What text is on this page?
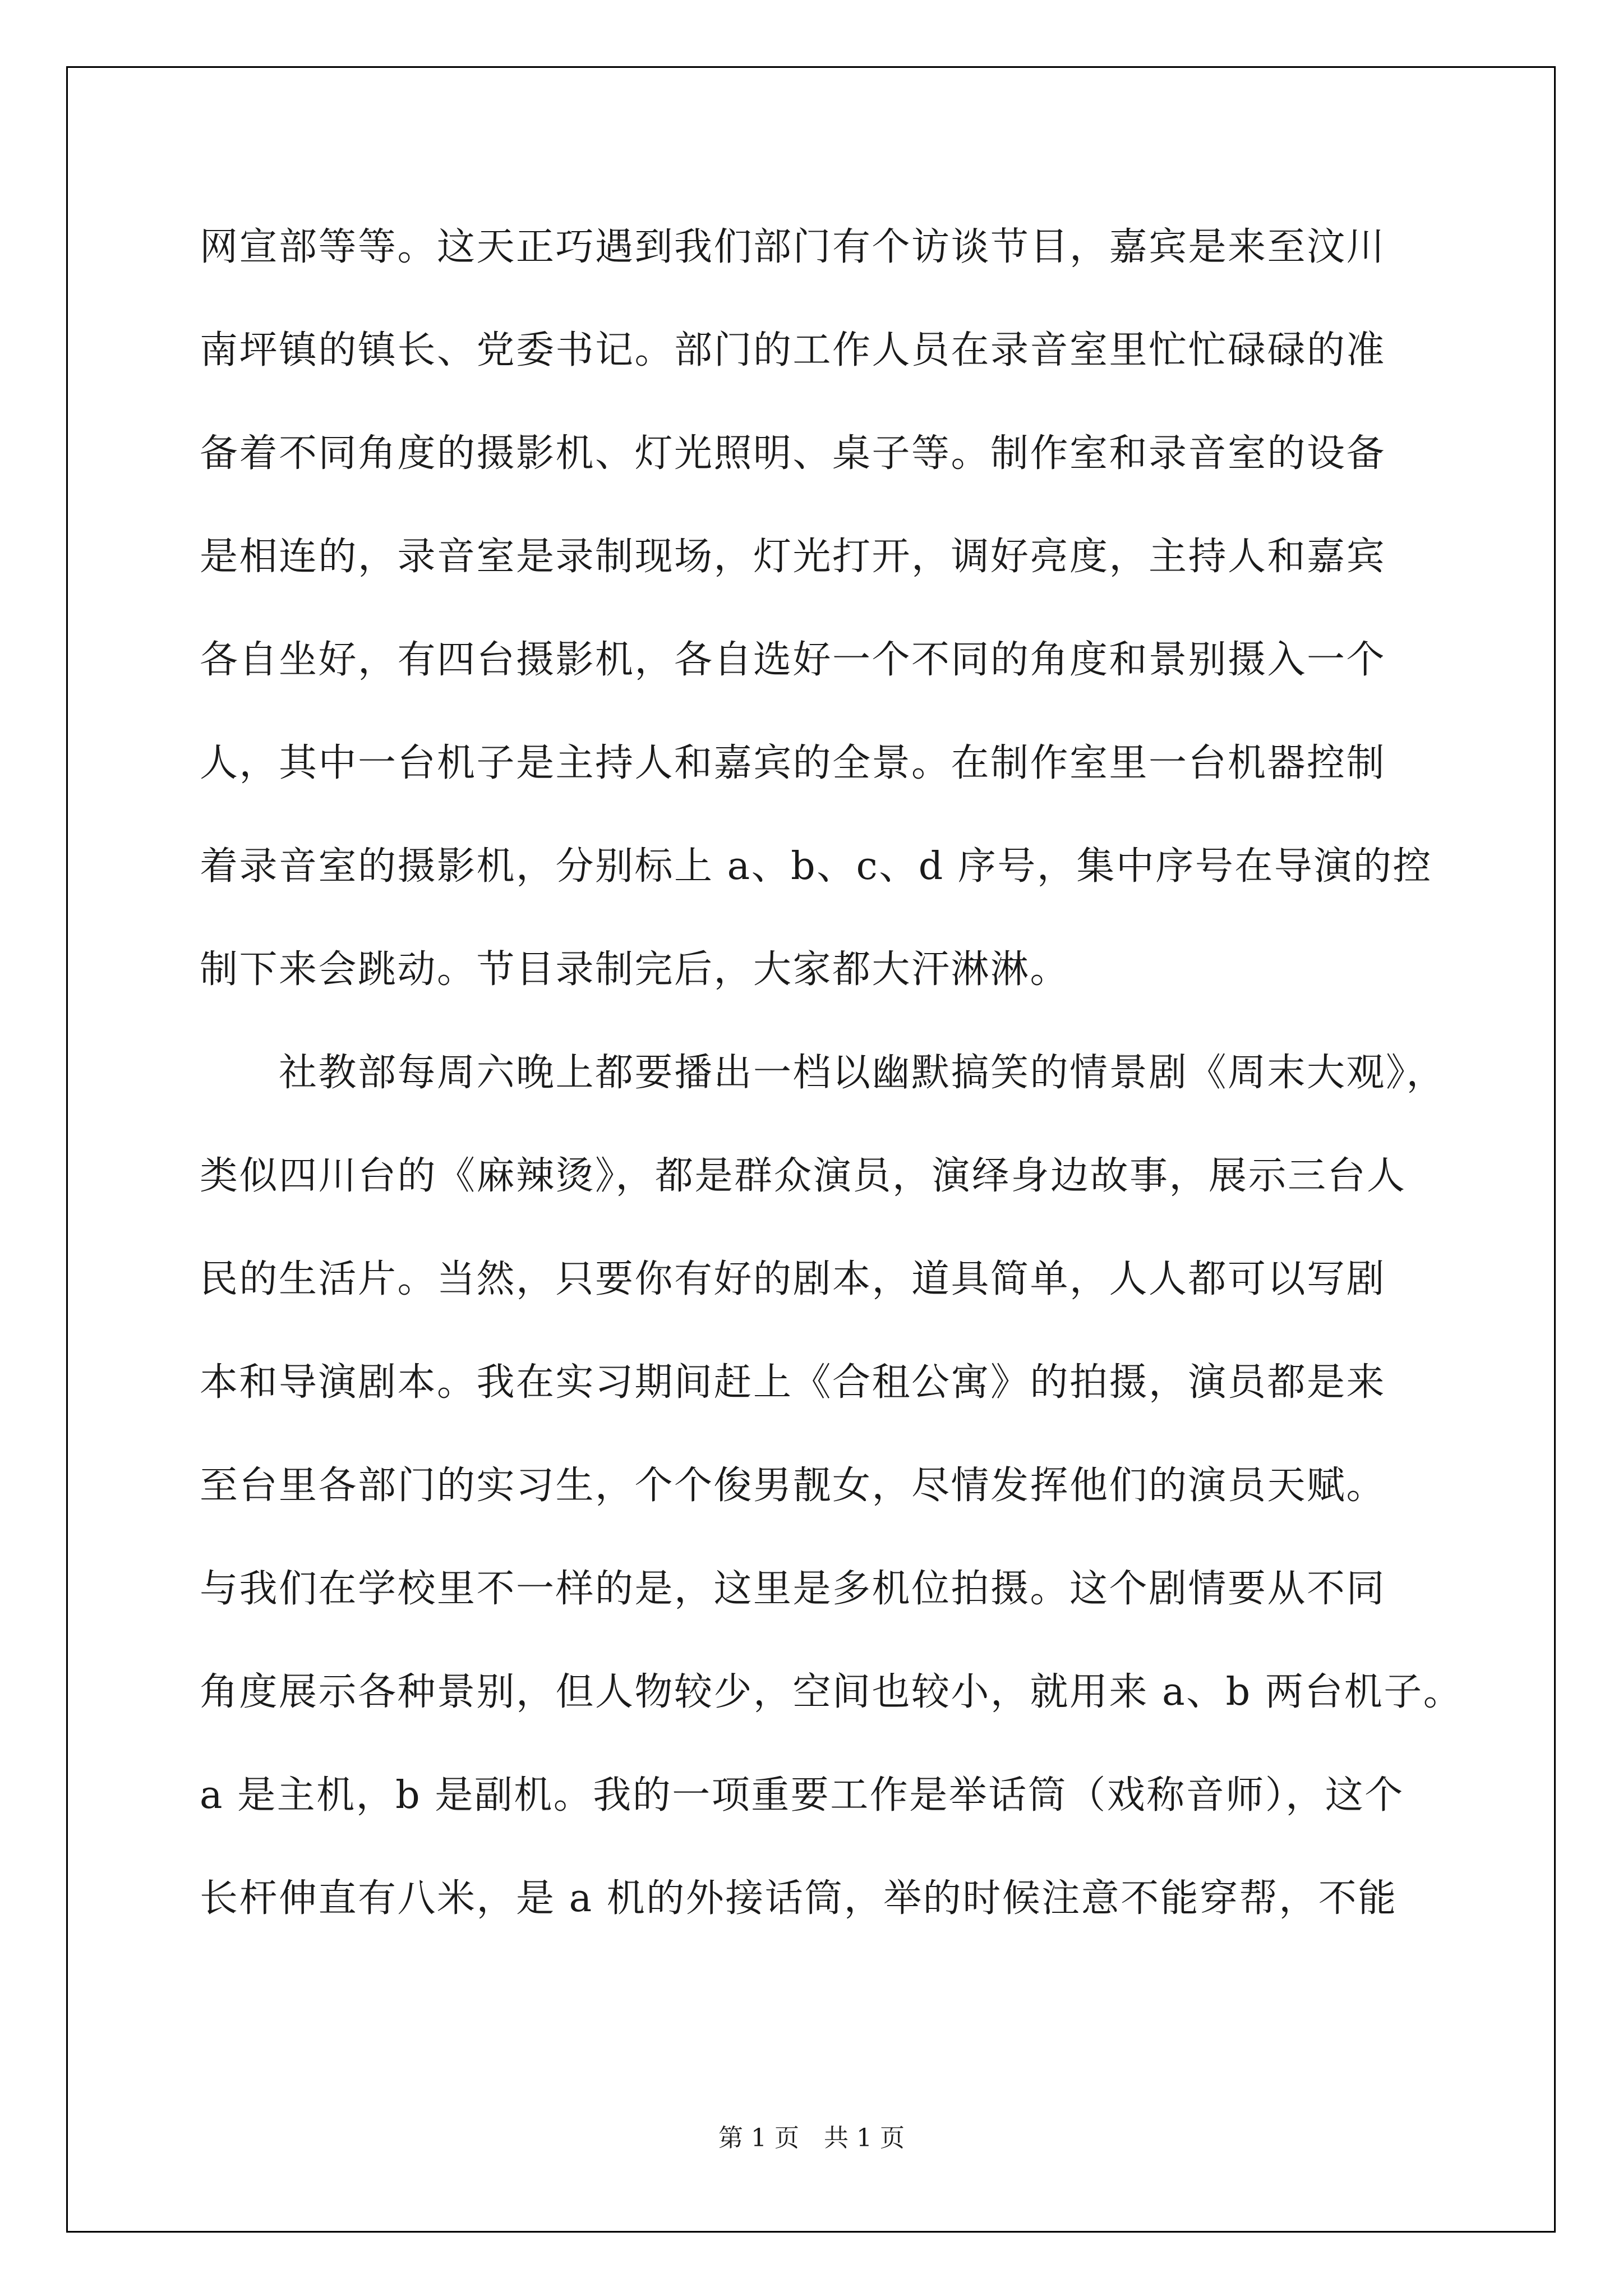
网宣部等等。这天正巧遇到我们部门有个访谈节目，嘉宾是来至汶川
南坪镇的镇长、党委书记。部门的工作人员在录音室里忙忙碌碌的准
备着不同角度的摄影机、灯光照明、桌子等。制作室和录音室的设备
是相连的，录音室是录制现场，灯光打开，调好亮度，主持人和嘉宾
各自坐好，有四台摄影机，各自选好一个不同的角度和景别摄入一个
人，其中一台机子是主持人和嘉宾的全景。在制作室里一台机器控制
着录音室的摄影机，分别标上 a、b、c、d 序号，集中序号在导演的控
制下来会跳动。节目录制完后，大家都大汗淋淋。
　　社教部每周六晚上都要播出一档以幽默搞笑的情景剧《周末大观》，
类似四川台的《麻辣烫》，都是群众演员，演绎身边故事，展示三台人
民的生活片。当然，只要你有好的剧本，道具简单，人人都可以写剧
本和导演剧本。我在实习期间赶上《合租公寓》的拍摄，演员都是来
至台里各部门的实习生，个个俊男靓女，尽情发挥他们的演员天赋。
与我们在学校里不一样的是，这里是多机位拍摄。这个剧情要从不同
角度展示各种景别，但人物较少，空间也较小，就用来 a、b 两台机子。
a 是主机，b 是副机。我的一项重要工作是举话筒（戏称音师），这个
长杆伸直有八米，是 a 机的外接话筒，举的时候注意不能穿帮，不能
第 1 页 共 1 页
